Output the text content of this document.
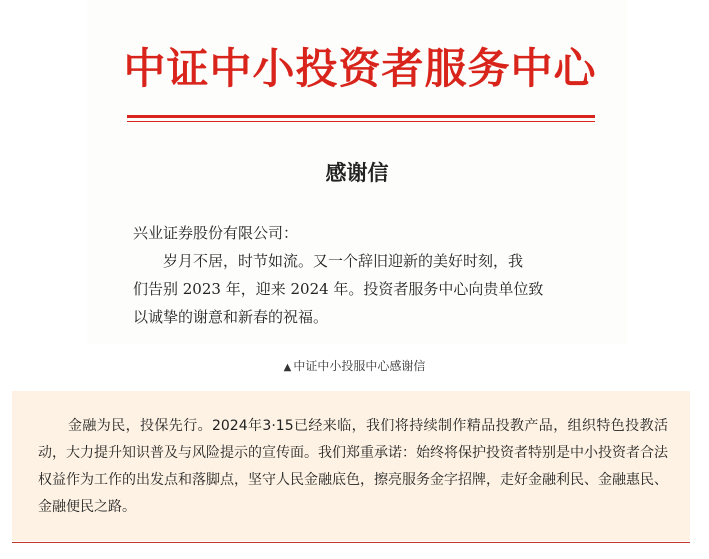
中证中小投资者服务中心
感谢信

兴业证券股份有限公司：

岁月不居，时节如流。又一个辞旧迎新的美好时刻，我

们告别 2023 年，迎来 2024 年。投资者服务中心向贵单位致

以诚挚的谢意和新春的祝福。

▲ 中证中小投服中心感谢信
金融为民，投保先行。2024年3·15已经来临，我们将持续制作精品投教产品，组织特色投教活动，大力提升知识普及与风险提示的宣传面。我们郑重承诺：始终将保护投资者特别是中小投资者合法权益作为工作的出发点和落脚点，坚守人民金融底色，擦亮服务金字招牌，走好金融利民、金融惠民、金融便民之路。
